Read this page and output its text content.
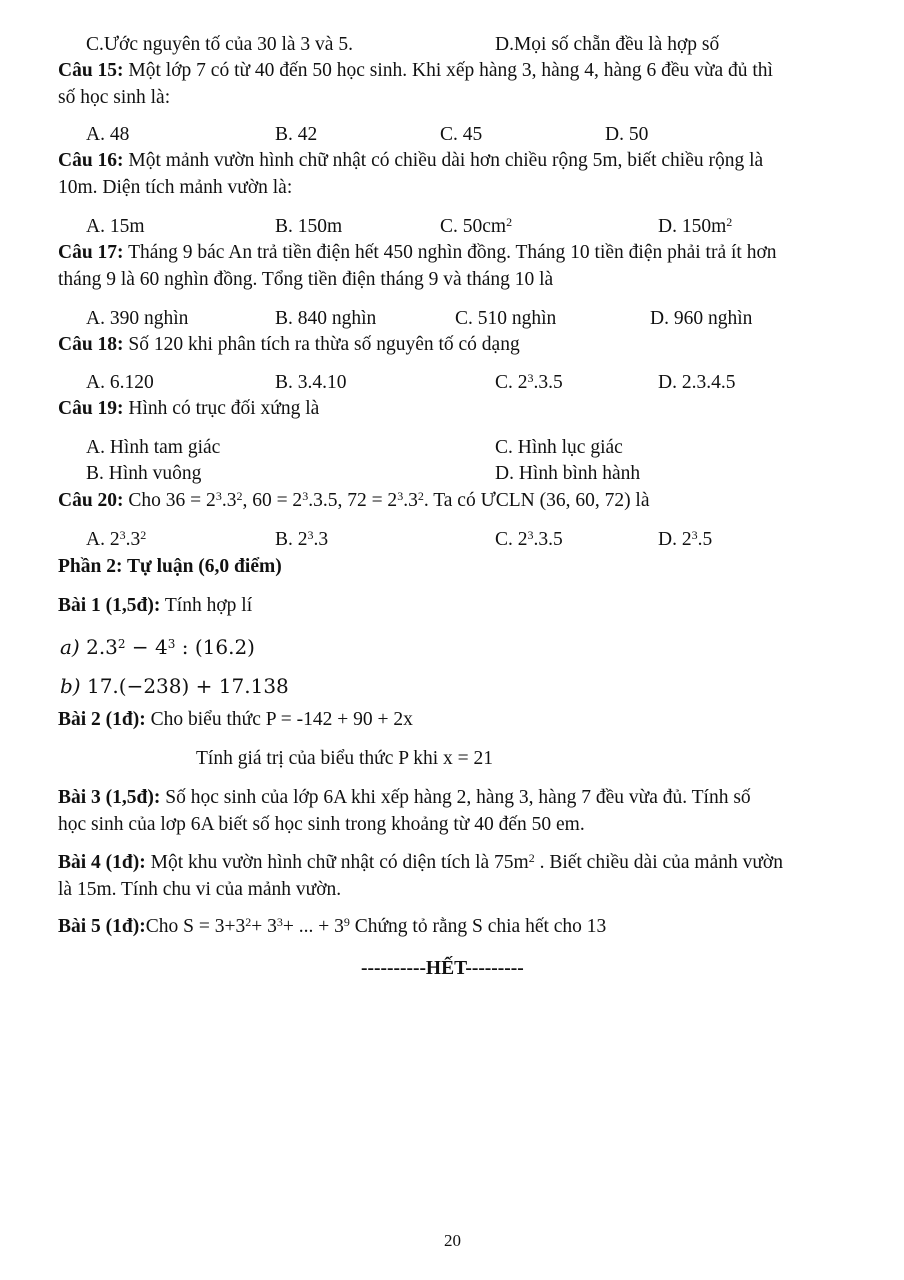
C.Ước nguyên tố của 30 là 3 và 5.	D.Mọi số chẵn đều là hợp số
Câu 15: Một lớp 7 có từ 40 đến 50 học sinh. Khi xếp hàng 3, hàng 4, hàng 6 đều vừa đủ thì
số học sinh là:
A. 48	B. 42	C. 45	D. 50
Câu 16: Một mảnh vườn hình chữ nhật có chiều dài hơn chiều rộng 5m, biết chiều rộng là
10m. Diện tích mảnh vườn là:
A. 15m	B. 150m	C. $50cm^2$	D. $150m^2$
Câu 17: Tháng 9 bác An trả tiền điện hết 450 nghìn đồng. Tháng 10 tiền điện phải trả ít hơn
tháng 9 là 60 nghìn đồng. Tổng tiền điện tháng 9 và tháng 10 là
A. 390 nghìn	B. 840 nghìn	C. 510 nghìn	D. 960 nghìn
Câu 18: Số 120 khi phân tích ra thừa số nguyên tố có dạng
A. 6.120	B. 3.4.10	C. $2^3.3.5$	D. 2.3.4.5
Câu 19: Hình có trục đối xứng là
A. Hình tam giác	C. Hình lục giác
B. Hình vuông	D. Hình bình hành
Câu 20: Cho $36 = 2^3.3^2$, $60 = 2^3.3.5$, $72 = 2^3.3^2$. Ta có ƯCLN (36, 60, 72) là
A. $2^3.3^2$	B. $2^3.3$	C. $2^3.3.5$	D. $2^3.5$
Phần 2: Tự luận (6,0 điểm)
Bài 1 (1,5đ): Tính hợp lí
a) $2.3^2 - 4^3$ : (16.2)
b) 17.(−238) + 17.138
Bài 2 (1đ): Cho biểu thức P = -142 + 90 + 2x
Tính giá trị của biểu thức P khi x = 21
Bài 3 (1,5đ): Số học sinh của lớp 6A khi xếp hàng 2, hàng 3, hàng 7 đều vừa đủ. Tính số
học sinh của lơp 6A biết số học sinh trong khoảng từ 40 đến 50 em.
Bài 4 (1đ): Một khu vườn hình chữ nhật có diện tích là $75m^2$ . Biết chiều dài của mảnh vườn
là 15m. Tính chu vi của mảnh vườn.
Bài 5 (1đ):Cho $S = 3+3^2+ 3^3+$ ... + $3^9$ Chứng tỏ rằng S chia hết cho 13
----------HẾT---------
20
